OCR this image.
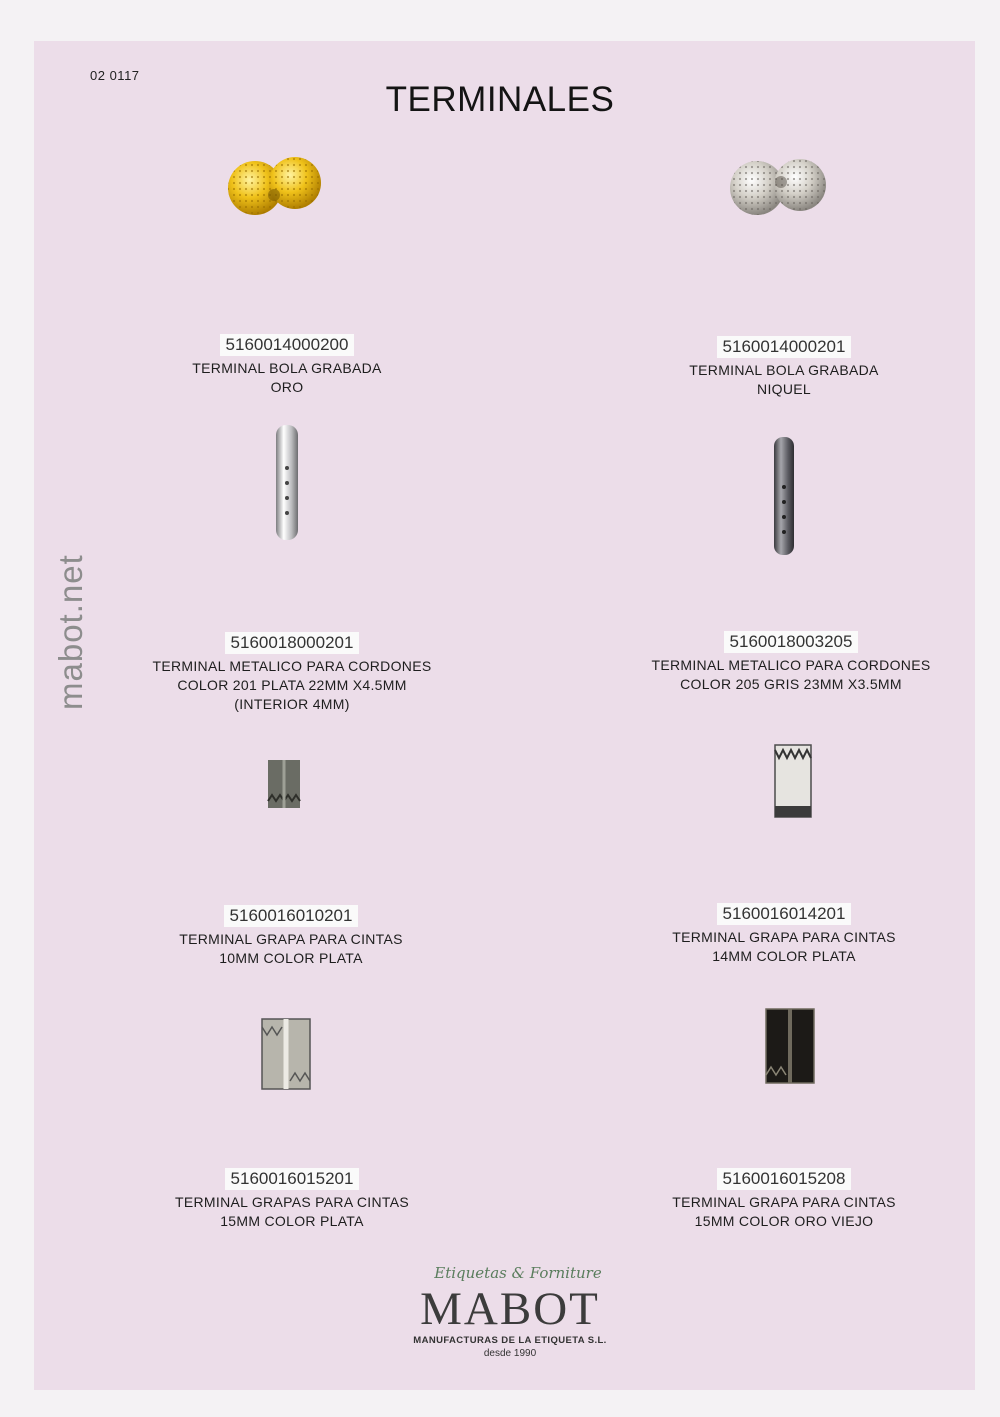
02 0117
TERMINALES
mabot.net
5160014000200
TERMINAL BOLA GRABADA
ORO
5160014000201
TERMINAL BOLA GRABADA
NIQUEL
5160018000201
TERMINAL METALICO PARA CORDONES
COLOR 201 PLATA 22MM X4.5MM
(INTERIOR 4MM)
5160018003205
TERMINAL METALICO PARA CORDONES
COLOR 205 GRIS 23MM X3.5MM
5160016010201
TERMINAL GRAPA PARA CINTAS
10MM COLOR PLATA
5160016014201
TERMINAL GRAPA PARA CINTAS
14MM COLOR PLATA
5160016015201
TERMINAL GRAPAS PARA CINTAS
15MM COLOR PLATA
5160016015208
TERMINAL GRAPA PARA CINTAS
15MM COLOR ORO VIEJO
Etiquetas & Forniture
MABOT
MANUFACTURAS DE LA ETIQUETA S.L.
desde 1990
